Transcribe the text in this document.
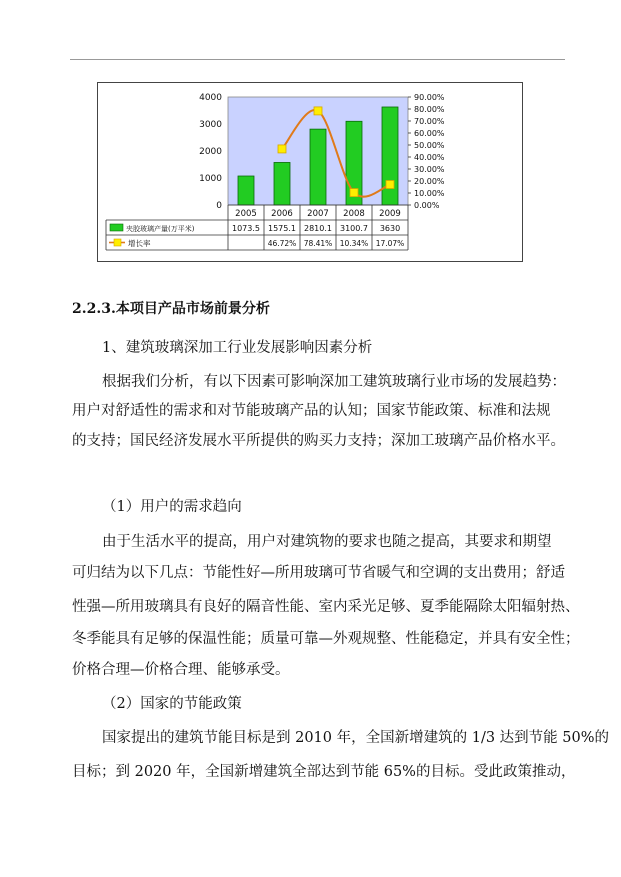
4000
3000
2000
1000
0
90.00%
80.00%
70.00%
60.00%
50.00%
40.00%
30.00%
20.00%
10.00%
0.00%
2005 2006 2007 2008 2009
夹胶玻璃产量(万平米)
增长率
1073.5 1575.1 2810.1 3100.7 3630
46.72% 78.41% 10.34% 17.07%
2.2.3.本项目产品市场前景分析
1、建筑玻璃深加工行业发展影响因素分析
根据我们分析，有以下因素可影响深加工建筑玻璃行业市场的发展趋势：
用户对舒适性的需求和对节能玻璃产品的认知；国家节能政策、标准和法规
的支持；国民经济发展水平所提供的购买力支持；深加工玻璃产品价格水平。
（1）用户的需求趋向
由于生活水平的提高，用户对建筑物的要求也随之提高，其要求和期望
可归结为以下几点：节能性好—所用玻璃可节省暖气和空调的支出费用；舒适
性强—所用玻璃具有良好的隔音性能、室内采光足够、夏季能隔除太阳辐射热、
冬季能具有足够的保温性能；质量可靠—外观规整、性能稳定，并具有安全性；
价格合理—价格合理、能够承受。
（2）国家的节能政策
国家提出的建筑节能目标是到 2010 年，全国新增建筑的 1/3 达到节能 50%的
目标；到 2020 年，全国新增建筑全部达到节能 65%的目标。受此政策推动，
